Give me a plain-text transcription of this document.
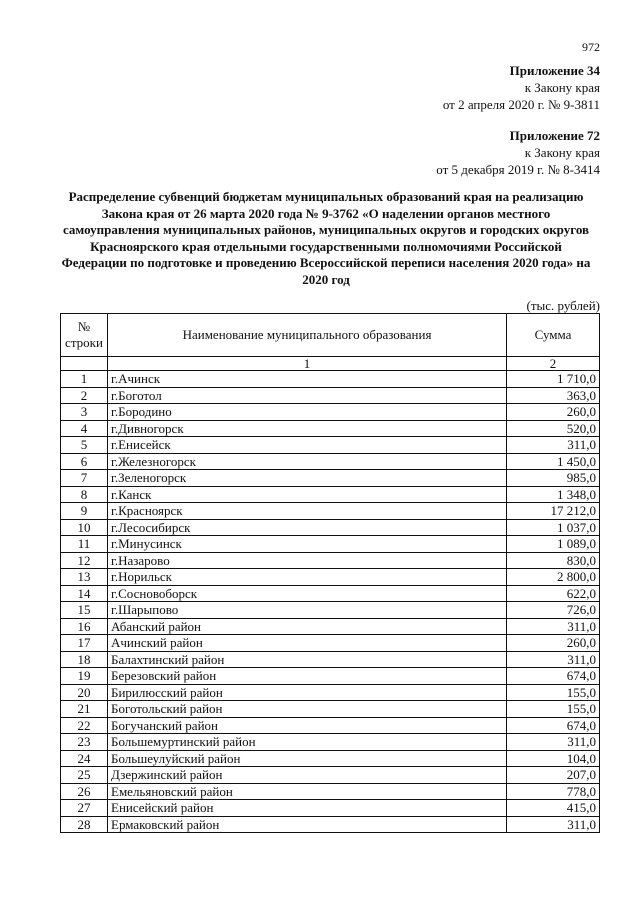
972
Приложение 34
к Закону края
от 2 апреля 2020 г. № 9-3811
Приложение 72
к Закону края
от 5 декабря 2019 г. № 8-3414
Распределение субвенций бюджетам муниципальных образований края на реализацию Закона края от 26 марта 2020 года № 9-3762 «О наделении органов местного самоуправления муниципальных районов, муниципальных округов и городских округов Красноярского края отдельными государственными полномочиями Российской Федерации по подготовке и проведению Всероссийской переписи населения 2020 года» на 2020 год
(тыс. рублей)
№ строки	Наименование муниципального образования	Сумма
	1	2
1	г.Ачинск	1 710,0
2	г.Боготол	363,0
3	г.Бородино	260,0
4	г.Дивногорск	520,0
5	г.Енисейск	311,0
6	г.Железногорск	1 450,0
7	г.Зеленогорск	985,0
8	г.Канск	1 348,0
9	г.Красноярск	17 212,0
10	г.Лесосибирск	1 037,0
11	г.Минусинск	1 089,0
12	г.Назарово	830,0
13	г.Норильск	2 800,0
14	г.Сосновоборск	622,0
15	г.Шарыпово	726,0
16	Абанский район	311,0
17	Ачинский район	260,0
18	Балахтинский район	311,0
19	Березовский район	674,0
20	Бирилюсский район	155,0
21	Боготольский район	155,0
22	Богучанский район	674,0
23	Большемуртинский район	311,0
24	Большеулуйский район	104,0
25	Дзержинский район	207,0
26	Емельяновский район	778,0
27	Енисейский район	415,0
28	Ермаковский район	311,0
